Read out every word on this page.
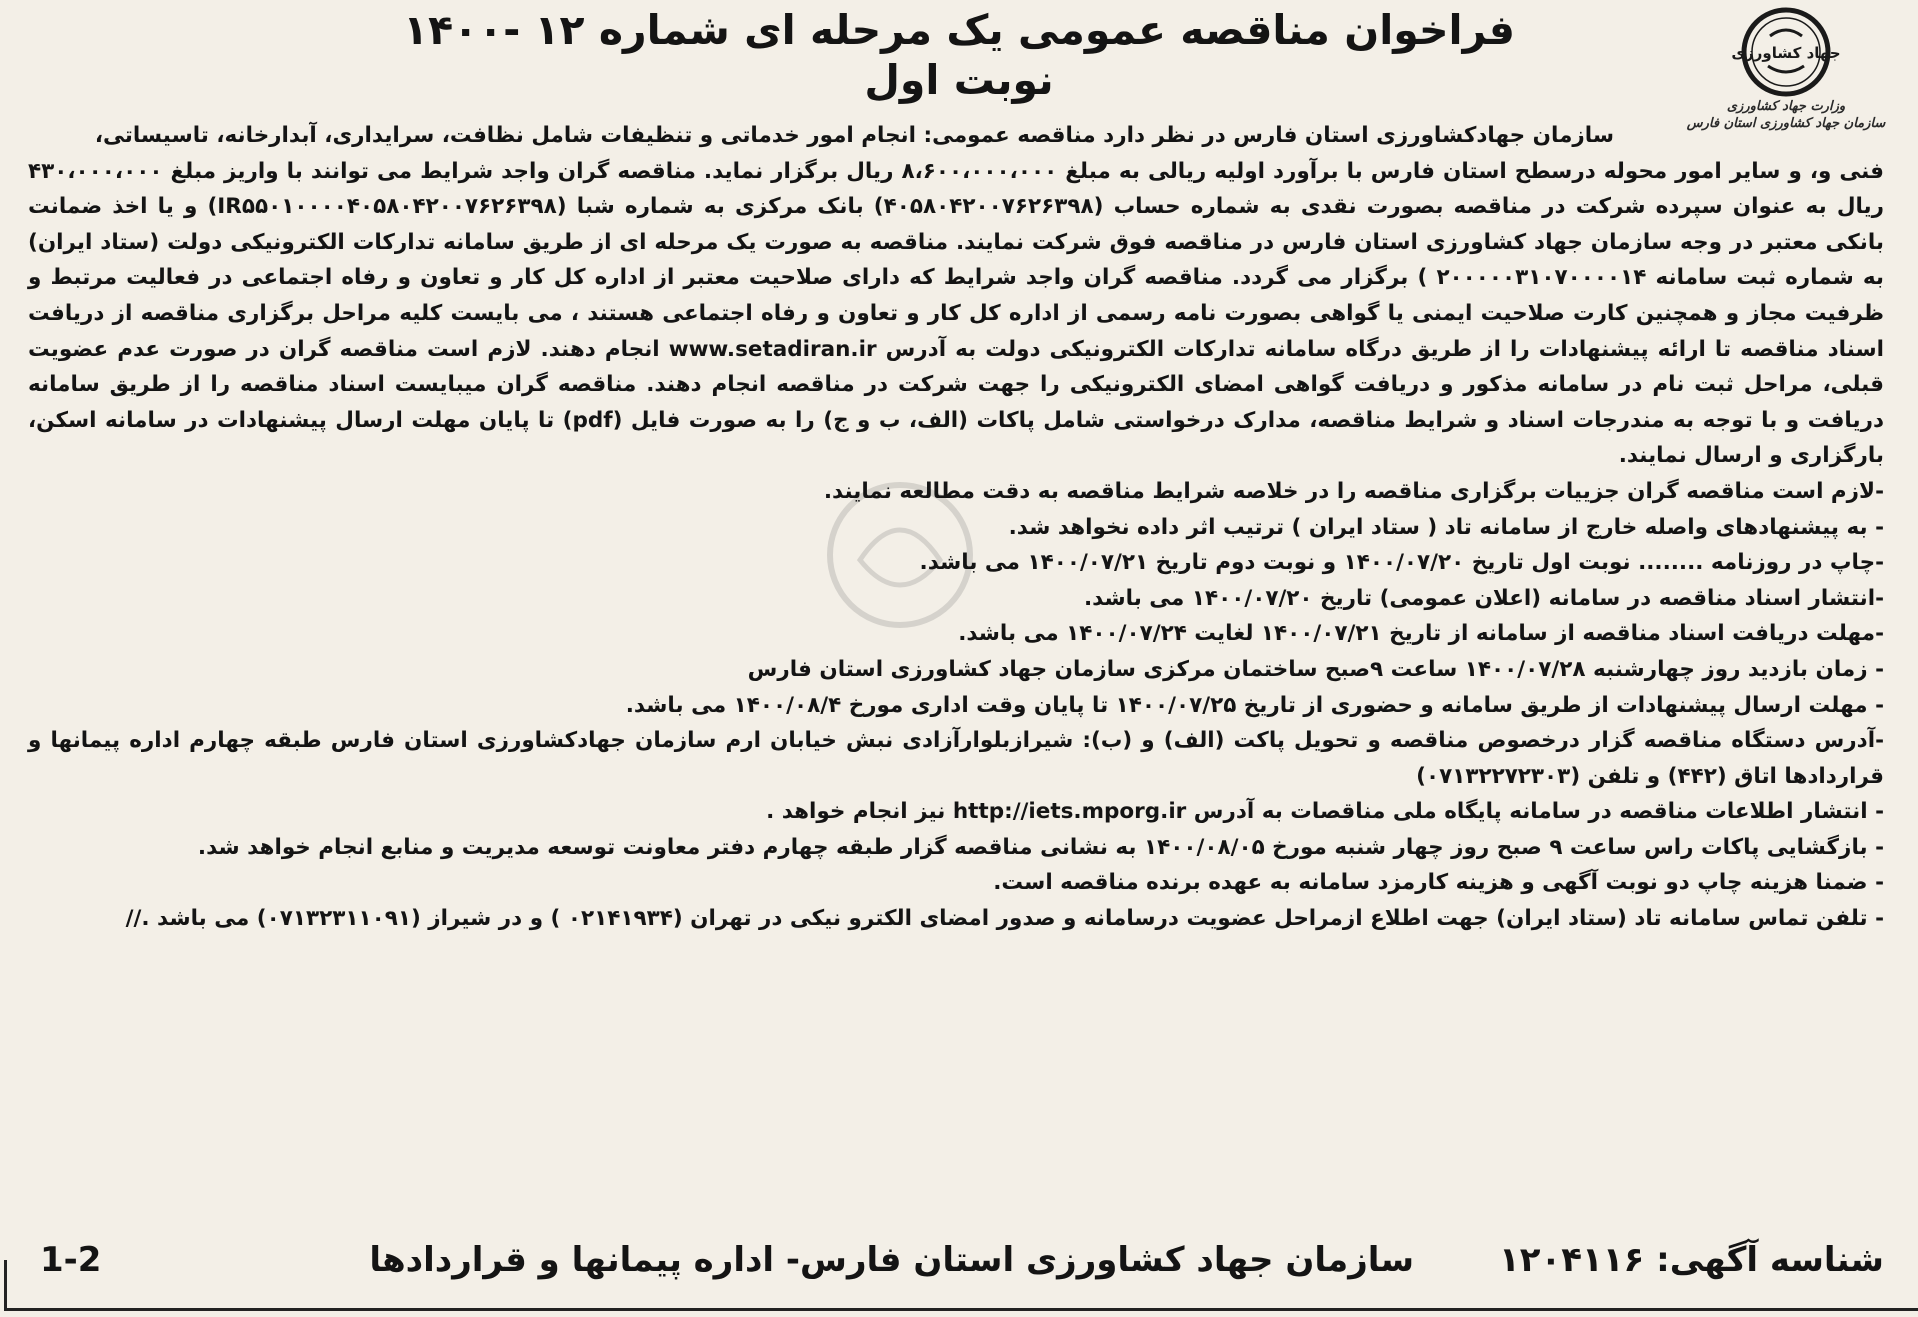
جهاد کشاورزی
وزارت جهاد کشاورزی
سازمان جهاد کشاورزی استان فارس
فراخوان مناقصه عمومی یک مرحله ای شماره ۱۲ -۱۴۰۰
نوبت اول

سازمان جهادکشاورزی استان فارس در نظر دارد مناقصه عمومی: انجام امور خدماتی و تنظیفات شامل نظافت، سرایداری، آبدارخانه، تاسیساتی،

فنی و، و سایر امور محوله درسطح استان فارس با برآورد اولیه ریالی به مبلغ ۸،۶۰۰،۰۰۰،۰۰۰ ریال برگزار نماید. مناقصه گران واجد شرایط می توانند با واریز مبلغ ۴۳۰،۰۰۰،۰۰۰ ریال به عنوان سپرده شرکت در مناقصه بصورت نقدی به شماره حساب (۴۰۵۸۰۴۲۰۰۷۶۲۶۳۹۸) بانک مرکزی به شماره شبا (IR۵۵۰۱۰۰۰۰۴۰۵۸۰۴۲۰۰۷۶۲۶۳۹۸) و یا اخذ ضمانت بانکی معتبر در وجه سازمان جهاد کشاورزی استان فارس در مناقصه فوق شرکت نمایند. مناقصه به صورت یک مرحله ای از طریق سامانه تدارکات الکترونیکی دولت (ستاد ایران) به شماره ثبت سامانه ۲۰۰۰۰۰۳۱۰۷۰۰۰۰۱۴ ) برگزار می گردد. مناقصه گران واجد شرایط که دارای صلاحیت معتبر از اداره کل کار و تعاون و رفاه اجتماعی در فعالیت مرتبط و ظرفیت مجاز و همچنین کارت صلاحیت ایمنی یا گواهی بصورت نامه رسمی از اداره کل کار و تعاون و رفاه اجتماعی هستند ، می بایست کلیه مراحل برگزاری مناقصه از دریافت اسناد مناقصه تا ارائه پیشنهادات را از طریق درگاه سامانه تدارکات الکترونیکی دولت به آدرس www.setadiran.ir انجام دهند. لازم است مناقصه گران در صورت عدم عضویت قبلی، مراحل ثبت نام در سامانه مذکور و دریافت گواهی امضای الکترونیکی را جهت شرکت در مناقصه انجام دهند. مناقصه گران میبایست اسناد مناقصه را از طریق سامانه دریافت و با توجه به مندرجات اسناد و شرایط مناقصه، مدارک درخواستی شامل پاکات (الف، ب و ج) را به صورت فایل (pdf) تا پایان مهلت ارسال پیشنهادات در سامانه اسکن، بارگزاری و ارسال نمایند.

-لازم است مناقصه گران جزییات برگزاری مناقصه را در خلاصه شرایط مناقصه به دقت مطالعه نمایند.
- به پیشنهادهای واصله خارج از سامانه تاد ( ستاد ایران ) ترتیب اثر داده نخواهد شد.
-چاپ در روزنامه ........ نوبت اول تاریخ ۱۴۰۰/۰۷/۲۰ و نوبت دوم تاریخ ۱۴۰۰/۰۷/۲۱ می باشد.
-انتشار اسناد مناقصه در سامانه (اعلان عمومی) تاریخ ۱۴۰۰/۰۷/۲۰ می باشد.
-مهلت دریافت اسناد مناقصه از سامانه از تاریخ ۱۴۰۰/۰۷/۲۱ لغایت ۱۴۰۰/۰۷/۲۴ می باشد.
- زمان بازدید روز چهارشنبه ۱۴۰۰/۰۷/۲۸ ساعت ۹صبح ساختمان مرکزی سازمان جهاد کشاورزی استان فارس
- مهلت ارسال پیشنهادات از طریق سامانه و حضوری از تاریخ ۱۴۰۰/۰۷/۲۵ تا پایان وقت اداری مورخ ۱۴۰۰/۰۸/۴ می باشد.
-آدرس دستگاه مناقصه گزار درخصوص مناقصه و تحویل پاکت (الف) و (ب): شیرازبلوارآزادی نبش خیابان ارم سازمان جهادکشاورزی استان فارس طبقه چهارم اداره پیمانها و قراردادها اتاق (۴۴۲) و تلفن (۰۷۱۳۲۲۷۲۳۰۳)
- انتشار اطلاعات مناقصه در سامانه پایگاه ملی مناقصات به آدرس http://iets.mporg.ir نیز انجام خواهد .
- بازگشایی پاکات راس ساعت ۹ صبح روز چهار شنبه مورخ ۱۴۰۰/۰۸/۰۵ به نشانی مناقصه گزار طبقه چهارم دفتر معاونت توسعه مدیریت و منابع انجام خواهد شد.
- ضمنا هزینه چاپ دو نوبت آگهی و هزینه کارمزد سامانه به عهده برنده مناقصه است.
- تلفن تماس سامانه تاد (ستاد ایران) جهت اطلاع ازمراحل عضویت درسامانه و صدور امضای الکترو نیکی در تهران (۰۲۱۴۱۹۳۴ ) و در شیراز (۰۷۱۳۲۳۱۱۰۹۱) می باشد .//
شناسه آگهی: ۱۲۰۴۱۱۶
سازمان جهاد کشاورزی استان فارس- اداره پیمانها و قراردادها
1-2
